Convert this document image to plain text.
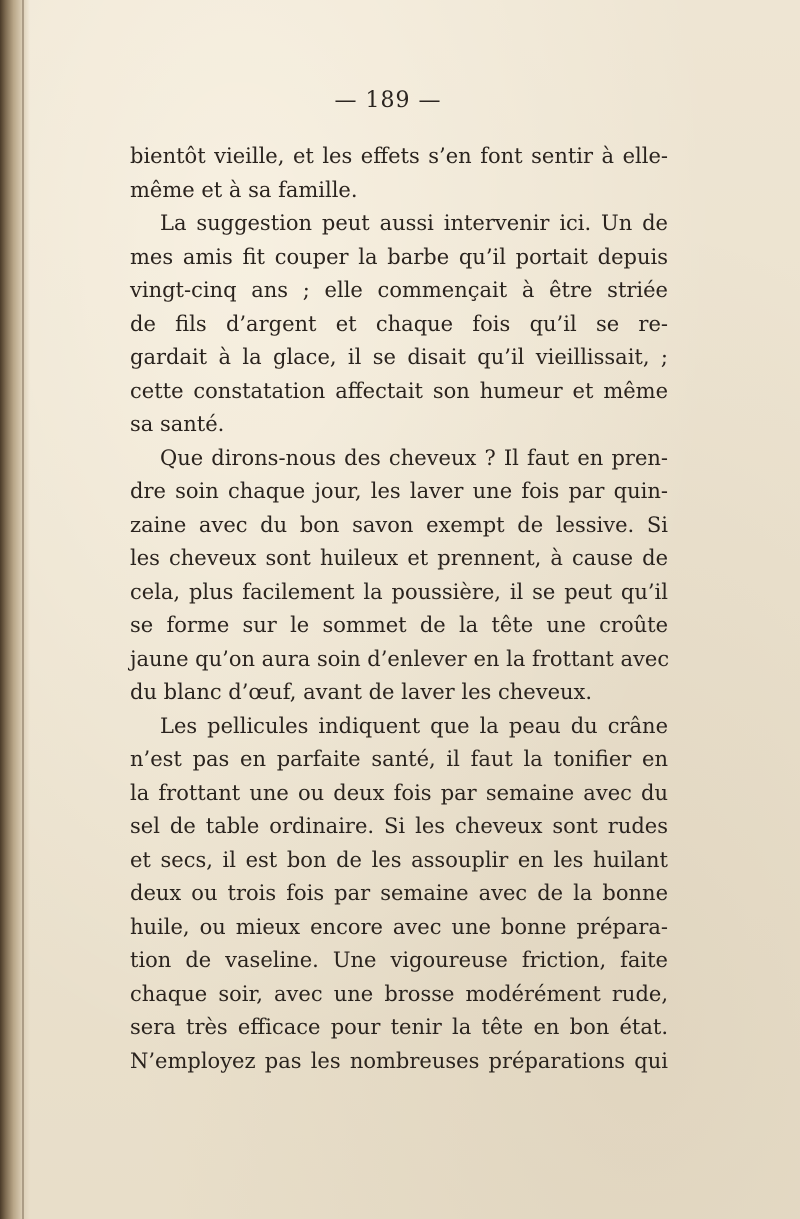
— 189 —

bientôt vieille, et les effets s’en font sentir à elle-
même et à sa famille.

La suggestion peut aussi intervenir ici. Un de
mes amis fit couper la barbe qu’il portait depuis
vingt-cinq ans ; elle commençait à être striée
de fils d’argent et chaque fois qu’il se re-
gardait à la glace, il se disait qu’il vieillissait, ;
cette constatation affectait son humeur et même
sa santé.

Que dirons-nous des cheveux ? Il faut en pren-
dre soin chaque jour, les laver une fois par quin-
zaine avec du bon savon exempt de lessive. Si
les cheveux sont huileux et prennent, à cause de
cela, plus facilement la poussière, il se peut qu’il
se forme sur le sommet de la tête une croûte
jaune qu’on aura soin d’enlever en la frottant avec
du blanc d’œuf, avant de laver les cheveux.

Les pellicules indiquent que la peau du crâne
n’est pas en parfaite santé, il faut la tonifier en
la frottant une ou deux fois par semaine avec du
sel de table ordinaire. Si les cheveux sont rudes
et secs, il est bon de les assouplir en les huilant
deux ou trois fois par semaine avec de la bonne
huile, ou mieux encore avec une bonne prépara-
tion de vaseline. Une vigoureuse friction, faite
chaque soir, avec une brosse modérément rude,
sera très efficace pour tenir la tête en bon état.
N’employez pas les nombreuses préparations qui
